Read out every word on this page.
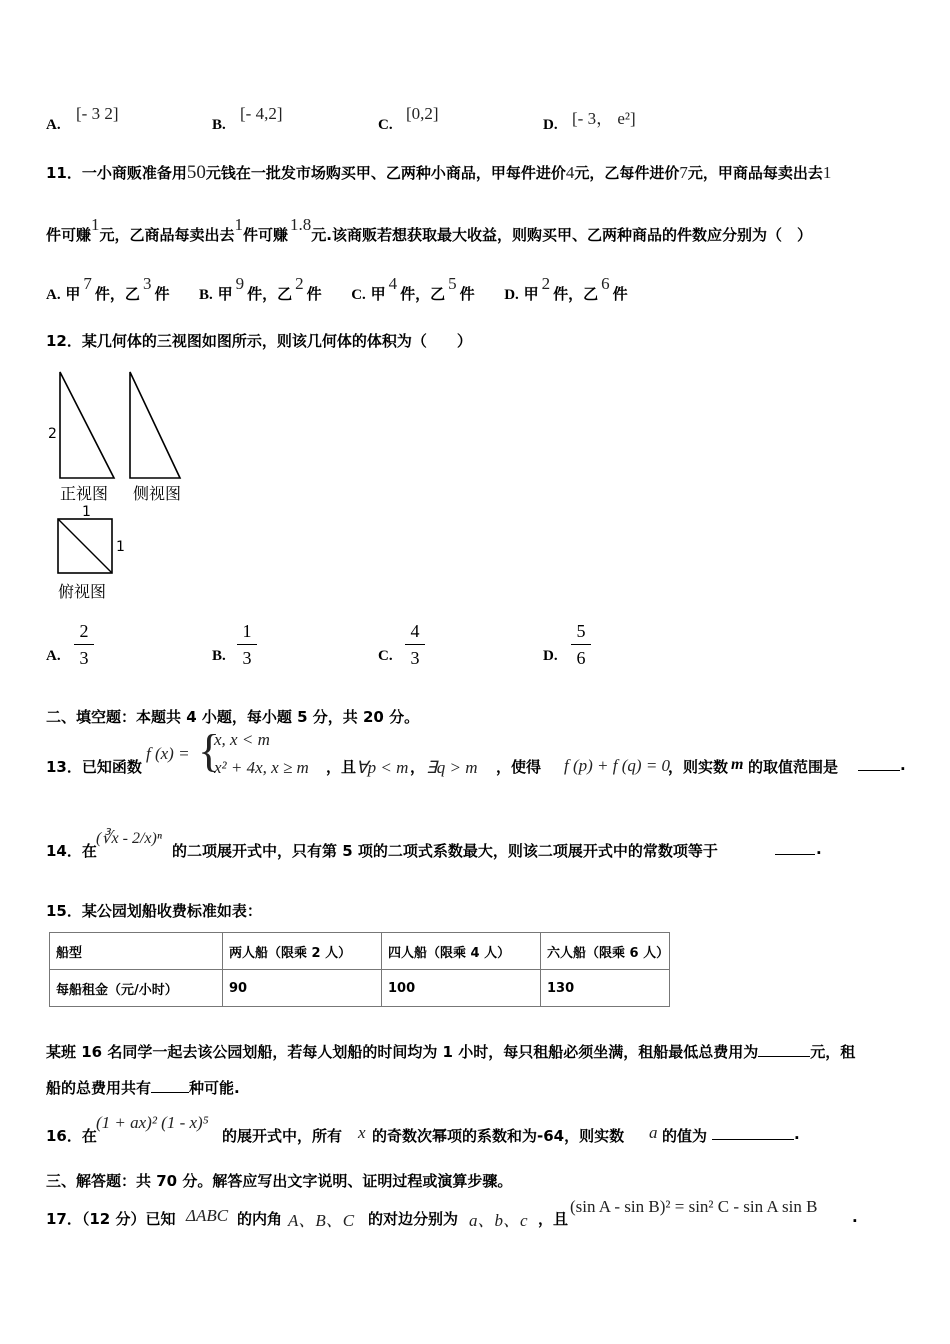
A.
[- 3 2]
B.
[- 4,2]
C.
[0,2]
D. [- 3， e²]
11．一小商贩准备用50元钱在一批发市场购买甲、乙两种小商品，甲每件进价4元，乙每件进价7元，甲商品每卖出去1
件可赚1元，乙商品每卖出去1件可赚1.8元.该商贩若想获取最大收益，则购买甲、乙两种商品的件数应分别为（　）
A. 甲7件，乙3件 B. 甲9件，乙2件 C. 甲4件，乙5件 D. 甲2件，乙6件
12．某几何体的三视图如图所示，则该几何体的体积为（　　）
2
1
1
正视图 侧视图
俯视图
A.
2
3	B.
1
3	C.
4
3	D.
5
6
二、填空题：本题共 4 小题，每小题 5 分，共 20 分。
13．已知函数
f (x) = {
x, x < m
x² + 4x, x ≥ m ，且 ∀p < m ， ∃q > m ，使得 f (p) + f (q) = 0
，则实数 m 的取值范围是	.
14．在
(∛x - 2/x)ⁿ
的二项展开式中，只有第 5 项的二项式系数最大，则该二项展开式中的常数项等于	.
15．某公园划船收费标准如表：
船型	两人船（限乘 2 人）	四人船（限乘 4 人）	六人船（限乘 6 人）
每船租金（元/小时）	90	100	130
某班 16 名同学一起去该公园划船，若每人划船的时间均为 1 小时，每只租船必须坐满，租船最低总费用为	元，租
船的总费用共有	种可能.
16．在
(1 + ax)² (1 - x)⁵
的展开式中，所有 x 的奇数次幂项的系数和为-64，则实数 a 的值为	.
三、解答题：共 70 分。解答应写出文字说明、证明过程或演算步骤。
17．（12 分）已知 ΔABC 的内角 A、B、C 的对边分别为 a、b、c ，且
(sin A - sin B)² = sin² C - sin A sin B
.
